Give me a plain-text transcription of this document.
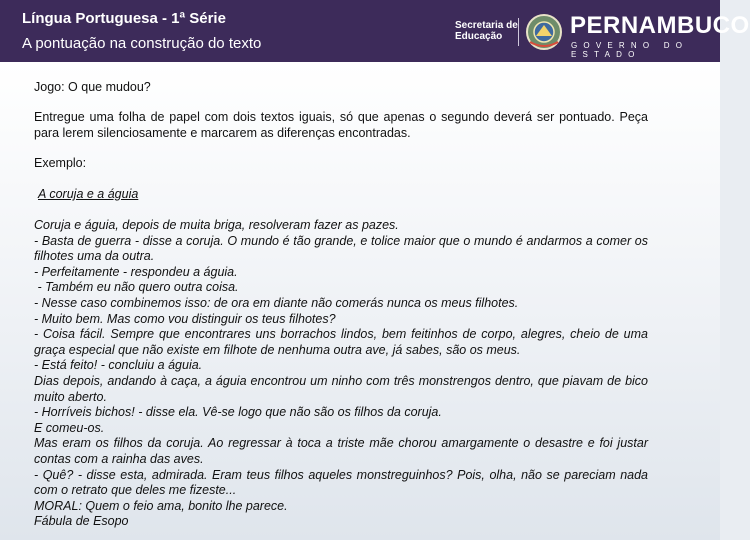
Língua Portuguesa - 1ª Série
A pontuação na construção do texto
Secretaria de
Educação	PERNAMBUCO
GOVERNO DO ESTADO
Jogo: O que mudou?
Entregue uma folha de papel com dois textos iguais, só que apenas o segundo deverá ser pontuado. Peça para lerem silenciosamente e marcarem as diferenças encontradas.
Exemplo:
A coruja e a águia
Coruja e águia, depois de muita briga, resolveram fazer as pazes.
- Basta de guerra - disse a coruja. O mundo é tão grande, e tolice maior que o mundo é andarmos a comer os filhotes uma da outra.
- Perfeitamente - respondeu a águia.
- Também eu não quero outra coisa.
- Nesse caso combinemos isso: de ora em diante não comerás nunca os meus filhotes.
- Muito bem. Mas como vou distinguir os teus filhotes?
- Coisa fácil. Sempre que encontrares uns borrachos lindos, bem feitinhos de corpo, alegres, cheio de uma graça especial que não existe em filhote de nenhuma outra ave, já sabes, são os meus.
- Está feito! - concluiu a águia.
Dias depois, andando à caça, a águia encontrou um ninho com três monstrengos dentro, que piavam de bico muito aberto.
- Horríveis bichos! - disse ela. Vê-se logo que não são os filhos da coruja.
E comeu-os.
Mas eram os filhos da coruja. Ao regressar à toca a triste mãe chorou amargamente o desastre e foi justar contas com a rainha das aves.
- Quê? - disse esta, admirada. Eram teus filhos aqueles monstreguinhos? Pois, olha, não se pareciam nada com o retrato que deles me fizeste...
MORAL: Quem o feio ama, bonito lhe parece.
Fábula de Esopo
